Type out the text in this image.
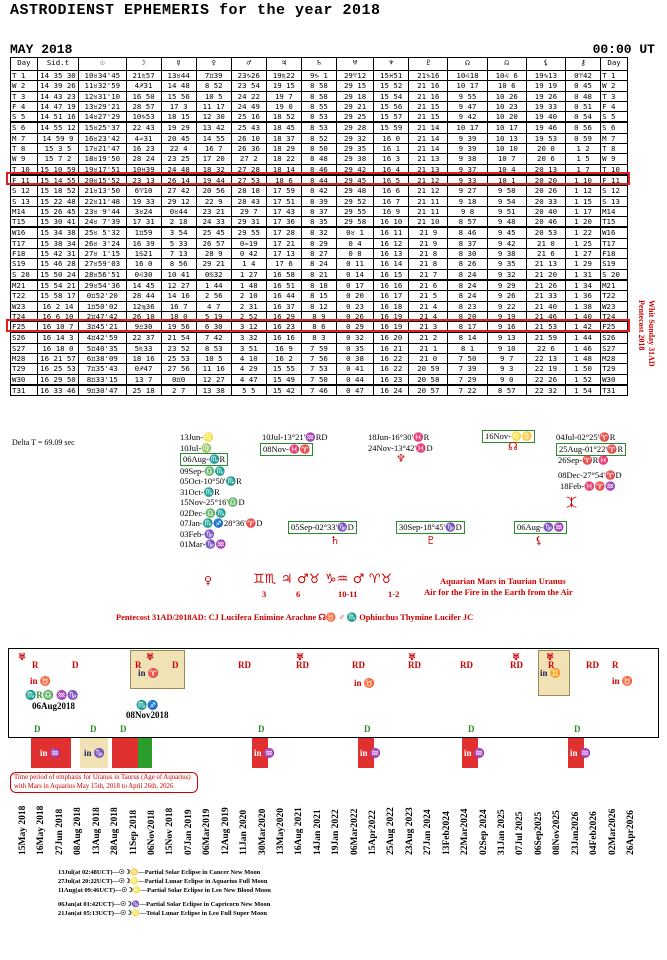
ASTRODIENST EPHEMERIS for the year 2018
MAY 2018	00:00 UT
Day	Sid.t	☉	☽	☿	♀	♂	♃	♄	♅	♆	♇	☊	☊	⚸	⚷	Day
T 1	14 35 30	10♉34'45	21♏57	13♉44	7♊39	23♑26	19♏22	9♑ 1	29♈12	15♓51	21♑16	10♌18	10♌ 6	19♑13	0♈42	T 1
W 2	14 39 26	11♉32'59	4♐31	14 48	8 52	23 54	19 15	8 58	29 15	15 52	21 16	10 17	10 6	19 19	0 45	W 2
T 3	14 43 23	12♉31'10	16 50	15 56	10 5	24 22	19 7	8 58	29 18	15 54	21 16	9 55	10 26	19 26	0 48	T 3
F 4	14 47 19	13♉29'21	28 57	17 3	11 17	24 49	19 0	8 55	29 21	15 56	21 15	9 47	10 23	19 33	0 51	F 4
S 5	14 51 16	14♉27'29	10♑53	18 15	12 30	25 16	18 52	8 53	29 25	15 57	21 15	9 42	10 20	19 40	0 54	S 5
S 6	14 55 12	15♉25'37	22 43	19 29	13 42	25 43	18 45	8 53	29 28	15 59	21 14	10 17	10 17	19 46	0 56	S 6
M 7	14 59 9	16♉23'42	4♒31	20 45	14 55	26 10	18 37	8 52	29 32	16 0	21 14	9 39	10 13	19 53	0 59	M 7
T 8	15 3 5	17♉21'47	16 23	22 4	16 7	26 36	18 29	8 50	29 35	16 1	21 14	9 39	10 10	20 0	1 2	T 8
W 9	15 7 2	18♉19'50	28 24	23 25	17 20	27 2	18 22	8 48	29 38	16 3	21 13	9 38	10 7	20 6	1 5	W 9
T 10	15 10 59	19♉17'51	10♓39	24 48	18 32	27 28	18 14	8 46	29 42	16 4	21 13	9 37	10 4	20 13	1 7	T 10
F 11	15 14 55	20♉15'52	23 13	26 14	19 44	27 53	18 6	8 44	29 45	16 5	21 12	9 33	10 1	20 20	1 10	F 11
S 12	15 18 52	21♉13'50	6♈10	27 42	20 56	28 18	17 59	8 42	29 48	16 6	21 12	9 27	9 58	20 26	1 12	S 12
S 13	15 22 48	22♉11'48	19 33	29 12	22 9	28 43	17 51	8 39	29 52	16 7	21 11	9 18	9 54	20 33	1 15	S 13
M14	15 26 45	23♉ 9'44	3♉24	0♉44	23 21	29 7	17 43	8 37	29 55	16 9	21 11	9 8	9 51	20 40	1 17	M14
T15	15 30 41	24♉ 7'39	17 31	2 18	24 33	29 31	17 36	8 35	29 58	16 10	21 10	8 57	9 48	20 46	1 20	T15
W16	15 34 38	25♉ 5'32	1♊59	3 54	25 45	29 55	17 28	8 32	0♉ 1	16 11	21 9	8 46	9 45	20 53	1 22	W16
T17	15 38 34	26♉ 3'24	16 39	5 33	26 57	0♒19	17 21	8 29	0 4	16 12	21 9	8 37	9 42	21 0	1 25	T17
F18	15 42 31	27♉ 1'15	1♋21	7 13	28 9	0 42	17 13	8 27	0 8	16 13	21 8	8 30	9 38	21 6	1 27	F18
S19	15 46 28	27♉59'03	16 0	8 56	29 21	1 4	17 6	8 24	0 11	16 14	21 8	8 26	9 35	21 13	1 29	S19
S 20	15 50 24	28♉56'51	0♌30	10 41	0♋32	1 27	16 58	8 21	0 14	16 15	21 7	8 24	9 32	21 20	1 31	S 20
M21	15 54 21	29♉54'36	14 45	12 27	1 44	1 48	16 51	8 18	0 17	16 16	21 6	8 24	9 29	21 26	1 34	M21
T22	15 58 17	0♊52'20	28 44	14 16	2 56	2 10	16 44	8 15	0 20	16 17	21 5	8 24	9 26	21 33	1 36	T22
W23	16 2 14	1♊50'02	12♍36	16 7	4 7	2 31	16 37	8 12	0 23	16 18	21 4	8 23	9 22	21 40	1 38	W23
T24	16 6 10	2♊47'42	26 10	18 0	5 19	2 52	16 29	8 9	0 26	16 19	21 4	8 20	9 19	21 46	1 40	T24
F25	16 10 7	3♊45'21	9♎30	19 56	6 30	3 12	16 23	8 6	0 29	16 19	21 3	8 17	9 16	21 53	1 42	F25
S26	16 14 3	4♊42'59	22 37	21 54	7 42	3 32	16 16	8 3	0 32	16 20	21 2	8 14	9 13	21 59	1 44	S26
S27	16 18 0	5♊40'35	5♏33	23 52	8 53	3 51	16 9	7 59	0 35	16 21	21 1	8 1	9 10	22 6	1 46	S27
M28	16 21 57	6♊38'09	18 16	25 53	10 5	4 10	16 2	7 56	0 38	16 22	21 0	7 50	9 7	22 13	1 48	M28
T29	16 25 53	7♊35'43	0♐47	27 56	11 16	4 29	15 55	7 53	0 41	16 22	20 59	7 39	9 3	22 19	1 50	T29
W30	16 29 50	8♊33'15	13 7	0♊0	12 27	4 47	15 49	7 50	0 44	16 23	20 58	7 29	9 0	22 26	1 52	W30
T31	16 33 46	9♊30'47	25 18	2 7	13 38	5 5	15 42	7 46	0 47	16 24	20 57	7 22	8 57	22 32	1 54	T31
Whit Sunday 31AD
Pentecost 2018
Delta T = 69.09 sec
13Jun-♌
10Jul-♍
06Aug-♏R
09Sep-♎♏
05Oct-10°50'♏R
31Oct-♏R
15Nov-25°16'♎D
02Dec-♎♏
07Jan-♏♐28°36'♈D
03Feb-♑
01Mar-♑♒
10Jul-13°21'♒RD
08Nov-♓♈
18Jun-16°30'♓R
24Nov-13°42'♓D
16Nov-♌♋	04Jul-02°25'♈R
25Aug-01°22'♈R
26Sep-♈R♓
08Dec-27°54'♈D
18Feb-♓♈♒
05Sep-02°33'♑D	30Sep-18°45'♑D	06Aug-♑♒
☊
♆
⯰
♄	♇	⚸
♀	♊♏ ♃ ♂♉ ♑♒ ♂ ♈♉
3	6	10-11	1-2
Aquarian Mars in Taurian Uranus
Air for the Fire in the Earth from the Air
Pentecost 31AD/2018AD: CJ Lucifera Enimine Arachne ☊♉ ♂ ♏ Ophiuchus Thymine Lucifer JC
♅	♅	♅	♅	♅	♅
R	D	R	D	RD	RD	RD	RD	RD	RD	R	RD R
in ♈	in ♊
in ♉	in ♉	in ♉
♏R♎ ♒♑
06Aug2018	♏♐
08Nov2018
D	D	D	D	D	D	D
in ♒	in ♑	in ♒	in ♒	in ♒	in ♒
Time period of emphasis for Uranus in Taurus (Age of Aquarius) with Mars in Aquarius May 15th, 2018 to April 26th, 2026
15May 2018 16May 2018 27Jun 2018 08Aug 2018 13Aug 2018 28Aug 2018 11Sep 2018 06Nov2018 15Nov 2018 07Jan 2019 06Mar2019 12Aug 2019 11Jan 2020 30Mar2020 13May2020 16Aug 2021 14Jan 2021 19Jan 2022 06Mar2022 15Apr2022 25Aug 2022 23Aug 2023 27Jan 2024 13Feb2024 22Mar2024 02Sep 2024 31Jan 2025 07Jul 2025 06Sep2025 08Nov2025 23Jan2026 04Feb2026 02Mar2026 26Apr2026
13Jul(at 02:48UCT)—☉☽♋—Partial Solar Eclipse in Cancer New Moon
27Jul(at 20:22UCT)—☉☽♌—Partial Lunar Eclipse in Aquarius Full Moon
11Aug(at 09:46UCT)—☉☽♌—Partial Solar Eclipse in Leo New Blood Moon
06Jan(at 01:42UCT)—☉☽♑—Partial Solar Eclipse in Capricorn New Moon
21Jan(at 05:13UCT)—☉☽♌—Total Lunar Eclipse in Leo Full Super Moon
